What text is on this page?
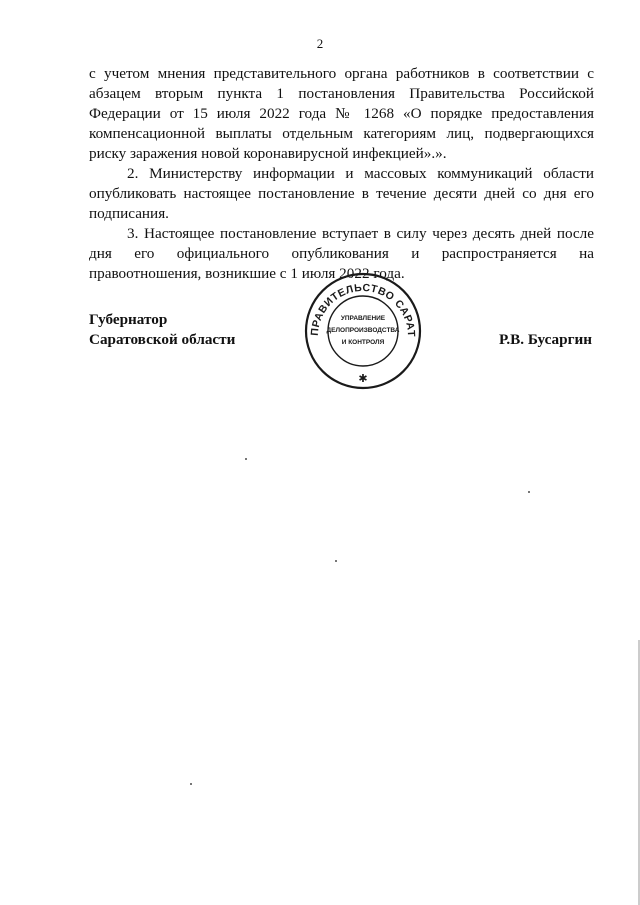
2

с учетом мнения представительного органа работников в соответствии с абзацем вторым пункта 1 постановления Правительства Российской Федерации от 15 июля 2022 года № 1268 «О порядке предоставления компенсационной выплаты отдельным категориям лиц, подвергающихся риску заражения новой коронавирусной инфекцией».».

2. Министерству информации и массовых коммуникаций области опубликовать настоящее постановление в течение десяти дней со дня его подписания.

3. Настоящее постановление вступает в силу через десять дней после дня его официального опубликования и распространяется на правоотношения, возникшие с 1 июля 2022 года.

Губернатор
Саратовской области	ПРАВИТЕЛЬСТВО САРАТ
УПРАВЛЕНИЕ
ДЕЛОПРОИЗВОДСТВА
И КОНТРОЛЯ
✱
Р.В. Бусаргин
